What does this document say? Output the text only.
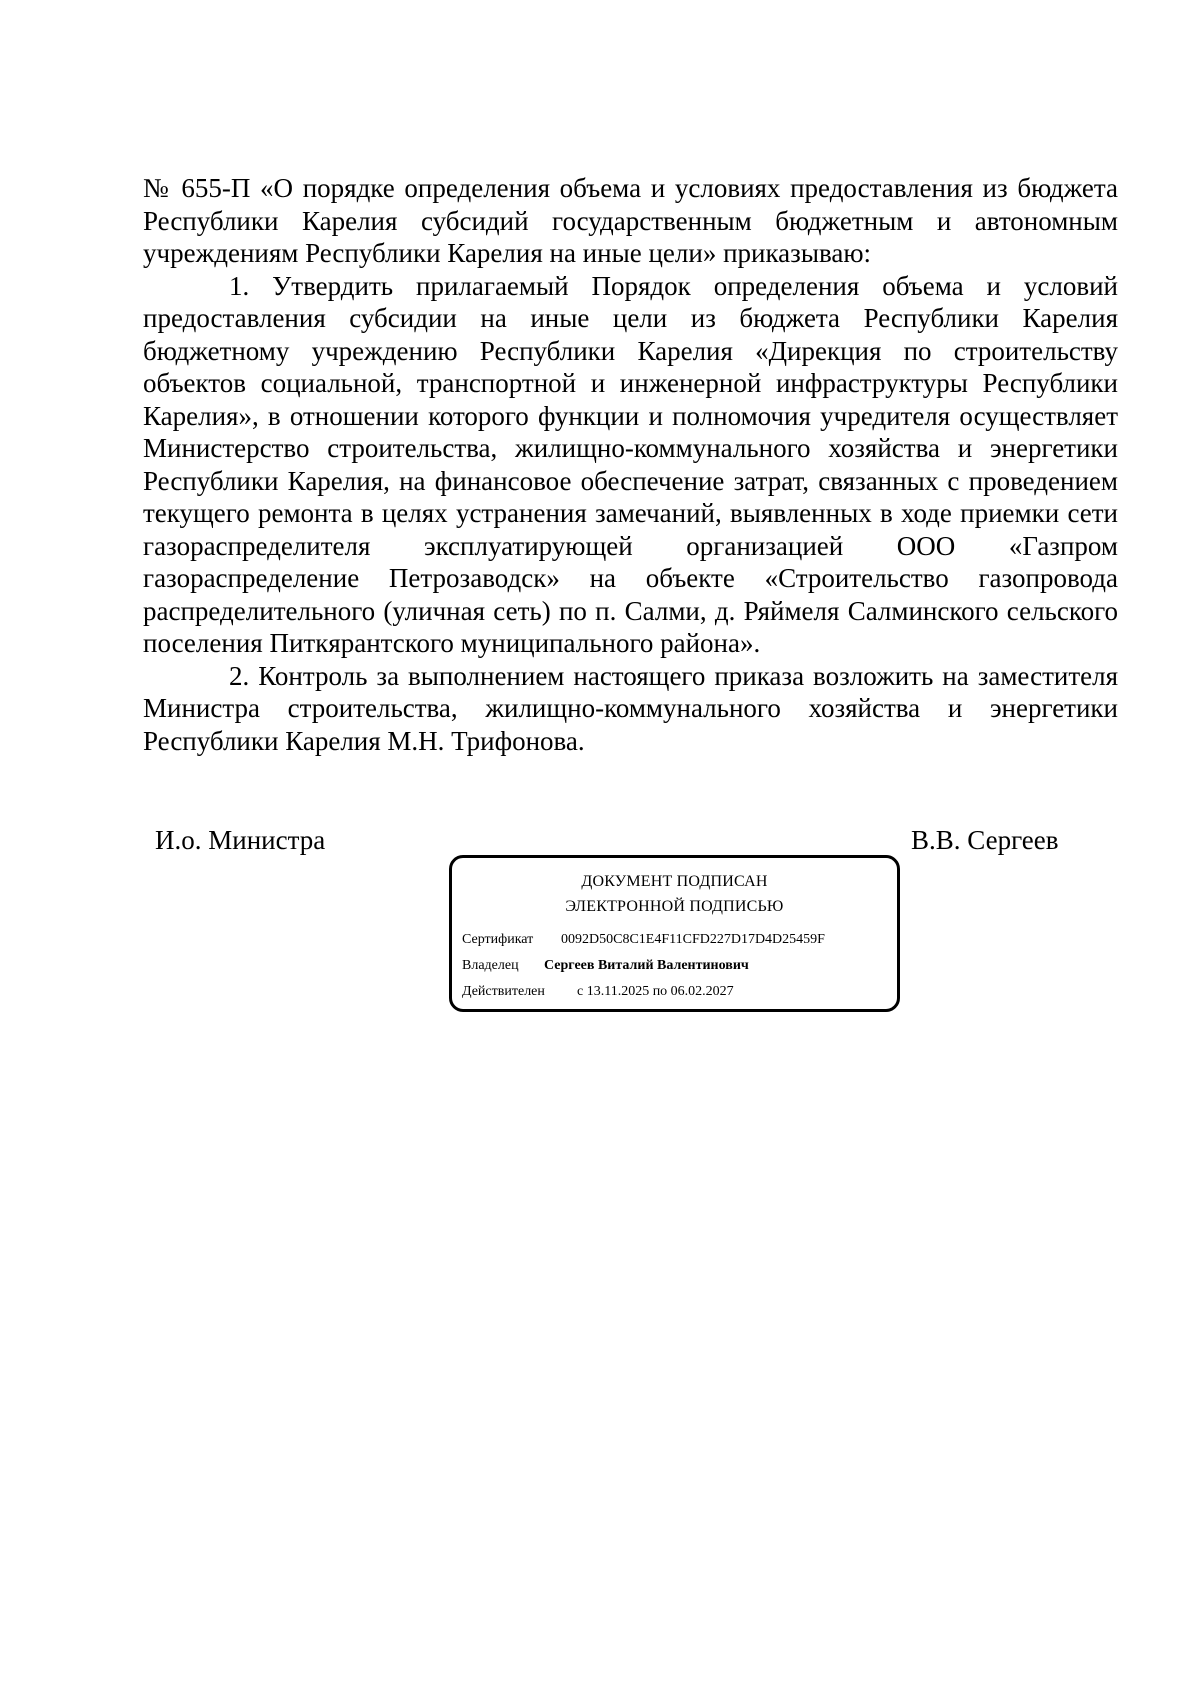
№ 655-П «О порядке определения объема и условиях предоставления из бюджета Республики Карелия субсидий государственным бюджетным и автономным учреждениям Республики Карелия на иные цели» приказываю:

1. Утвердить прилагаемый Порядок определения объема и условий предоставления субсидии на иные цели из бюджета Республики Карелия бюджетному учреждению Республики Карелия «Дирекция по строительству объектов социальной, транспортной и инженерной инфраструктуры Республики Карелия», в отношении которого функции и полномочия учредителя осуществляет Министерство строительства, жилищно-коммунального хозяйства и энергетики Республики Карелия, на финансовое обеспечение затрат, связанных с проведением текущего ремонта в целях устранения замечаний, выявленных в ходе приемки сети газораспределителя эксплуатирующей организацией ООО «Газпром газораспределение Петрозаводск» на объекте «Строительство газопровода распределительного (уличная сеть) по п. Салми, д. Ряймеля Салминского сельского поселения Питкярантского муниципального района».

2. Контроль за выполнением настоящего приказа возложить на заместителя Министра строительства, жилищно-коммунального хозяйства и энергетики Республики Карелия М.Н. Трифонова.

И.о. Министра	В.В. Сергеев
ДОКУМЕНТ ПОДПИСАН
ЭЛЕКТРОННОЙ ПОДПИСЬЮ
Сертификат 0092D50C8C1E4F11CFD227D17D4D25459F
Владелец Сергеев Виталий Валентинович
Действителен с 13.11.2025 по 06.02.2027
